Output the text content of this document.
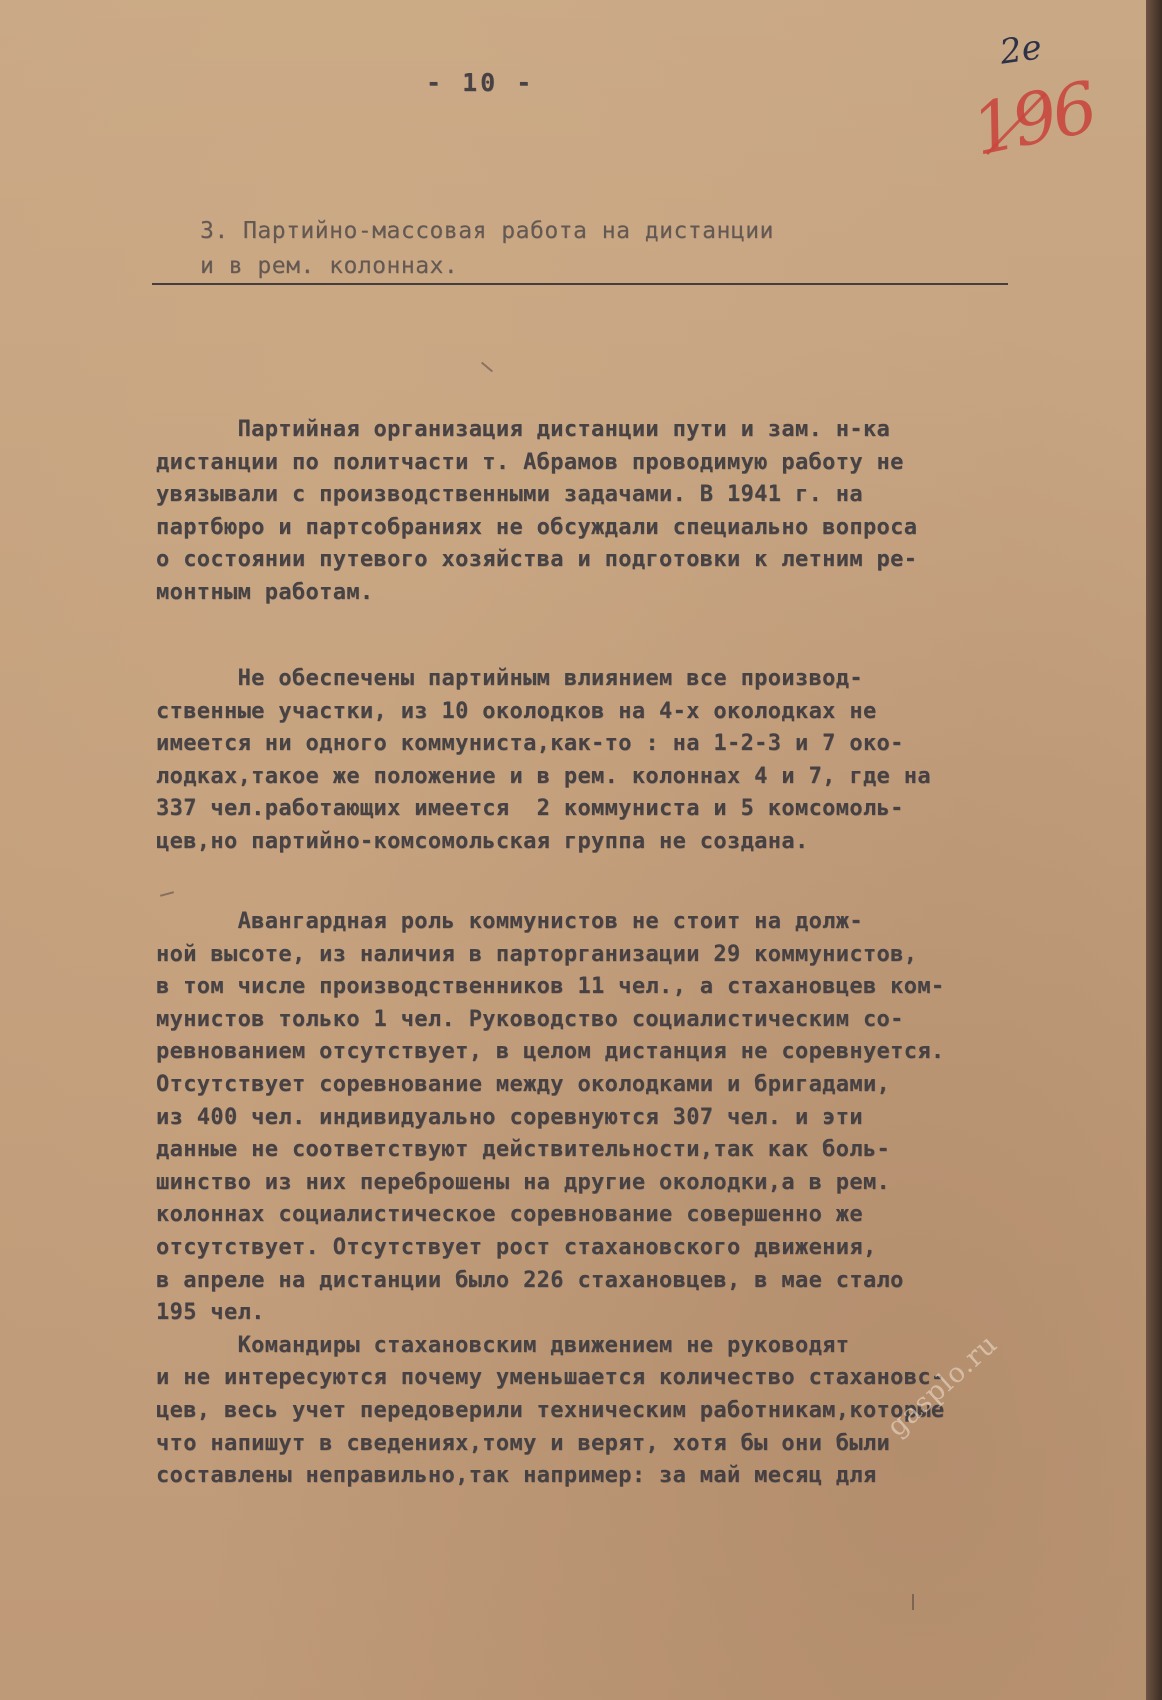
- 10 -
2e
196
3. Партийно-массовая работа на дистанции
и в рем. колоннах.
Партийная организация дистанции пути и зам. н-ка
дистанции по политчасти т. Абрамов проводимую работу не
увязывали с производственными задачами. В 1941 г. на
партбюро и партсобраниях не обсуждали специально вопроса
о состоянии путевого хозяйства и подготовки к летним ре-
монтным работам.
Не обеспечены партийным влиянием все производ-
ственные участки, из 10 околодков на 4-х околодках не
имеется ни одного коммуниста,как-то : на 1-2-3 и 7 око-
лодках,такое же положение и в рем. колоннах 4 и 7, где на
337 чел.работающих имеется  2 коммуниста и 5 комсомоль-
цев,но партийно-комсомольская группа не создана.
Авангардная роль коммунистов не стоит на долж-
ной высоте, из наличия в парторганизации 29 коммунистов,
в том числе производственников 11 чел., а стахановцев ком-
мунистов только 1 чел. Руководство социалистическим со-
ревнованием отсутствует, в целом дистанция не соревнуется.
Отсутствует соревнование между околодками и бригадами,
из 400 чел. индивидуально соревнуются 307 чел. и эти
данные не соответствуют действительности,так как боль-
шинство из них переброшены на другие околодки,а в рем.
колоннах социалистическое соревнование совершенно же
отсутствует. Отсутствует рост стахановского движения,
в апреле на дистанции было 226 стахановцев, в мае стало
195 чел.
Командиры стахановским движением не руководят
и не интересуются почему уменьшается количество стахановс-
цев, весь учет передоверили техническим работникам,которые
что напишут в сведениях,тому и верят, хотя бы они были
составлены неправильно,так например: за май месяц для
gasplo.ru
